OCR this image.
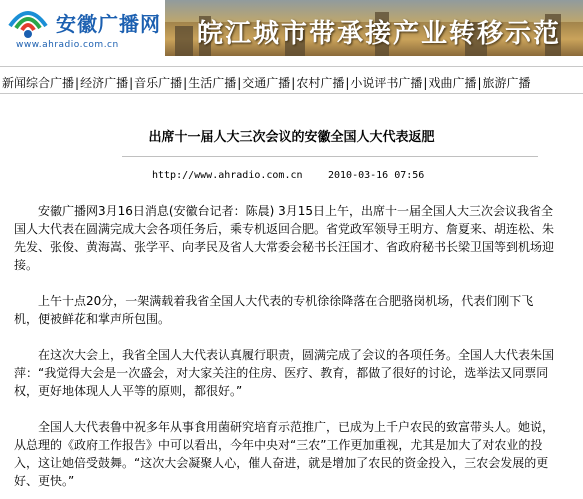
安徽广播网
www.ahradio.com.cn	皖江城市带承接产业转移示范
新闻综合广播|经济广播|音乐广播|生活广播|交通广播|农村广播|小说评书广播|戏曲广播|旅游广播
出席十一届人大三次会议的安徽全国人大代表返肥
http://www.ahradio.com.cn	2010-03-16 07:56

安徽广播网3月16日消息(安徽台记者：陈晨) 3月15日上午，出席十一届全国人大三次会议我省全国人大代表在圆满完成大会各项任务后，乘专机返回合肥。省党政军领导王明方、詹夏来、胡连松、朱先发、张俊、黄海嵩、张学平、向孝民及省人大常委会秘书长汪国才、省政府秘书长梁卫国等到机场迎接。

上午十点20分，一架满载着我省全国人大代表的专机徐徐降落在合肥骆岗机场，代表们刚下飞机，便被鲜花和掌声所包围。

在这次大会上，我省全国人大代表认真履行职责，圆满完成了会议的各项任务。全国人大代表朱国萍：“我觉得大会是一次盛会，对大家关注的住房、医疗、教育，都做了很好的讨论，选举法又同票同权，更好地体现人人平等的原则，都很好。”

全国人大代表鲁中祝多年从事食用菌研究培育示范推广，已成为上千户农民的致富带头人。她说，从总理的《政府工作报告》中可以看出，今年中央对“三农”工作更加重视，尤其是加大了对农业的投入，这让她倍受鼓舞。“这次大会凝聚人心，催人奋进，就是增加了农民的资金投入，三农会发展的更好、更快。”
